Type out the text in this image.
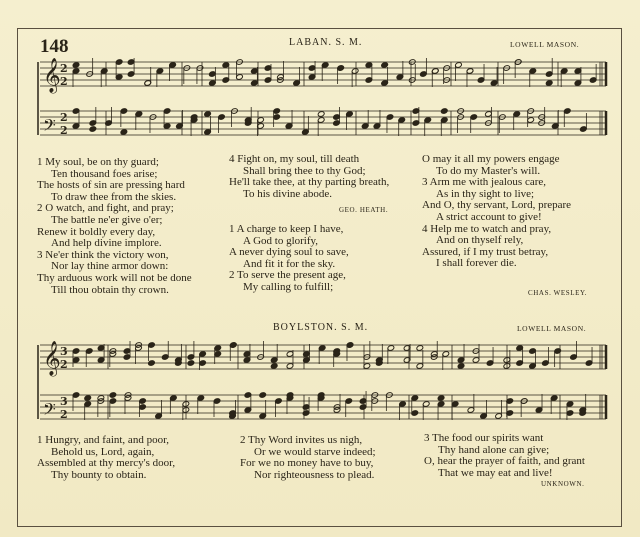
148	LABAN. S. M.	LOWELL MASON.
𝄞 2
2
𝄢 2
2
𝄞 3
2
𝄢 3
2
1 My soul, be on thy guard;
Ten thousand foes arise;
The hosts of sin are pressing hard
To draw thee from the skies.
2 O watch, and fight, and pray;
The battle ne'er give o'er;
Renew it boldly every day,
And help divine implore.
3 Ne'er think the victory won,
Nor lay thine armor down:
Thy arduous work will not be done
Till thou obtain thy crown.
4 Fight on, my soul, till death
Shall bring thee to thy God;
He'll take thee, at thy parting breath,
To his divine abode.
GEO. HEATH.
1 A charge to keep I have,
A God to glorify,
A never dying soul to save,
And fit it for the sky.
2 To serve the present age,
My calling to fulfill;
O may it all my powers engage
To do my Master's will.
3 Arm me with jealous care,
As in thy sight to live;
And O, thy servant, Lord, prepare
A strict account to give!
4 Help me to watch and pray,
And on thyself rely,
Assured, if I my trust betray,
I shall forever die.
CHAS. WESLEY.
BOYLSTON. S. M.	LOWELL MASON.
1 Hungry, and faint, and poor,
Behold us, Lord, again,
Assembled at thy mercy's door,
Thy bounty to obtain.
2 Thy Word invites us nigh,
Or we would starve indeed;
For we no money have to buy,
Nor righteousness to plead.
3 The food our spirits want
Thy hand alone can give;
O, hear the prayer of faith, and grant
That we may eat and live!
UNKNOWN.
